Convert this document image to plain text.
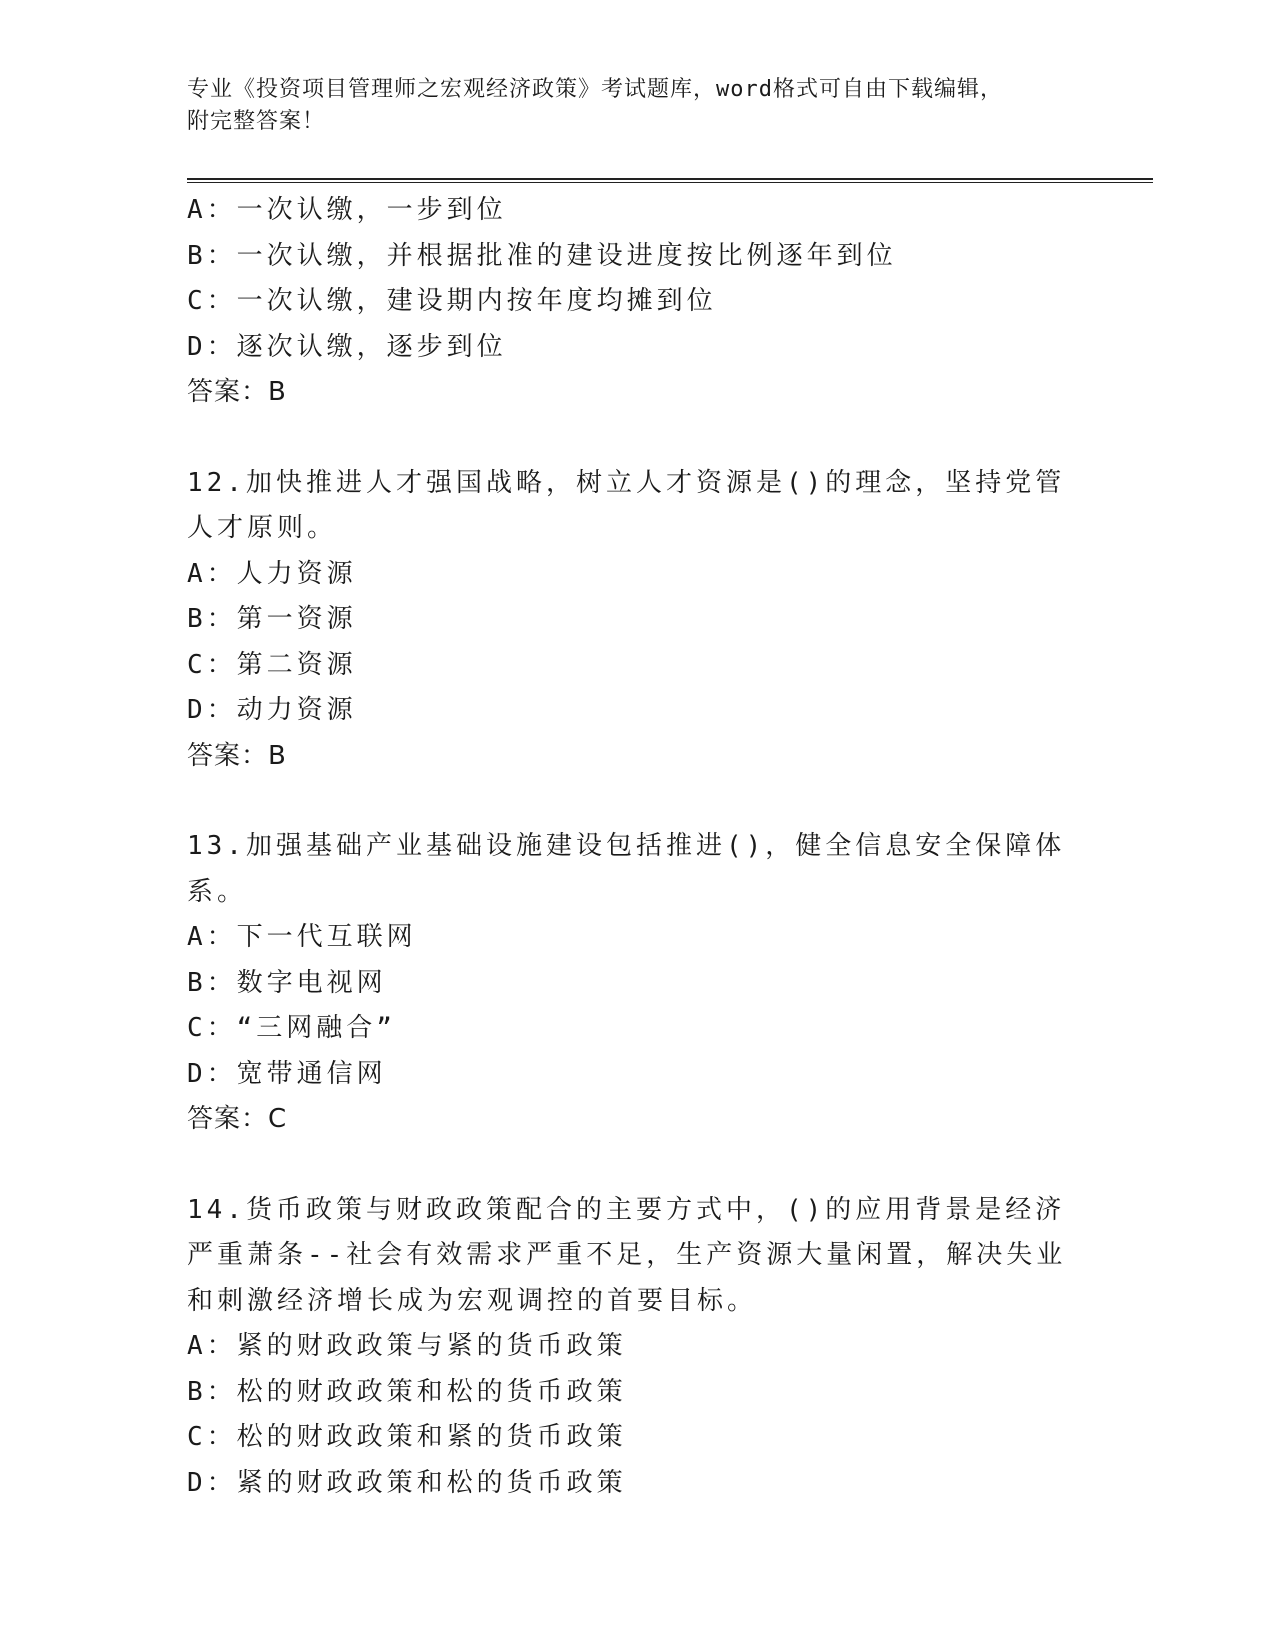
专业《投资项目管理师之宏观经济政策》考试题库，word格式可自由下载编辑，
附完整答案！
A：一次认缴，一步到位
B：一次认缴，并根据批准的建设进度按比例逐年到位
C：一次认缴，建设期内按年度均摊到位
D：逐次认缴，逐步到位
答案：B
12.加快推进人才强国战略，树立人才资源是()的理念，坚持党管人才原则。
A：人力资源
B：第一资源
C：第二资源
D：动力资源
答案：B
13.加强基础产业基础设施建设包括推进()，健全信息安全保障体系。
A：下一代互联网
B：数字电视网
C：“三网融合”
D：宽带通信网
答案：C
14.货币政策与财政政策配合的主要方式中，()的应用背景是经济严重萧条--社会有效需求严重不足，生产资源大量闲置，解决失业和刺激经济增长成为宏观调控的首要目标。
A：紧的财政政策与紧的货币政策
B：松的财政政策和松的货币政策
C：松的财政政策和紧的货币政策
D：紧的财政政策和松的货币政策
